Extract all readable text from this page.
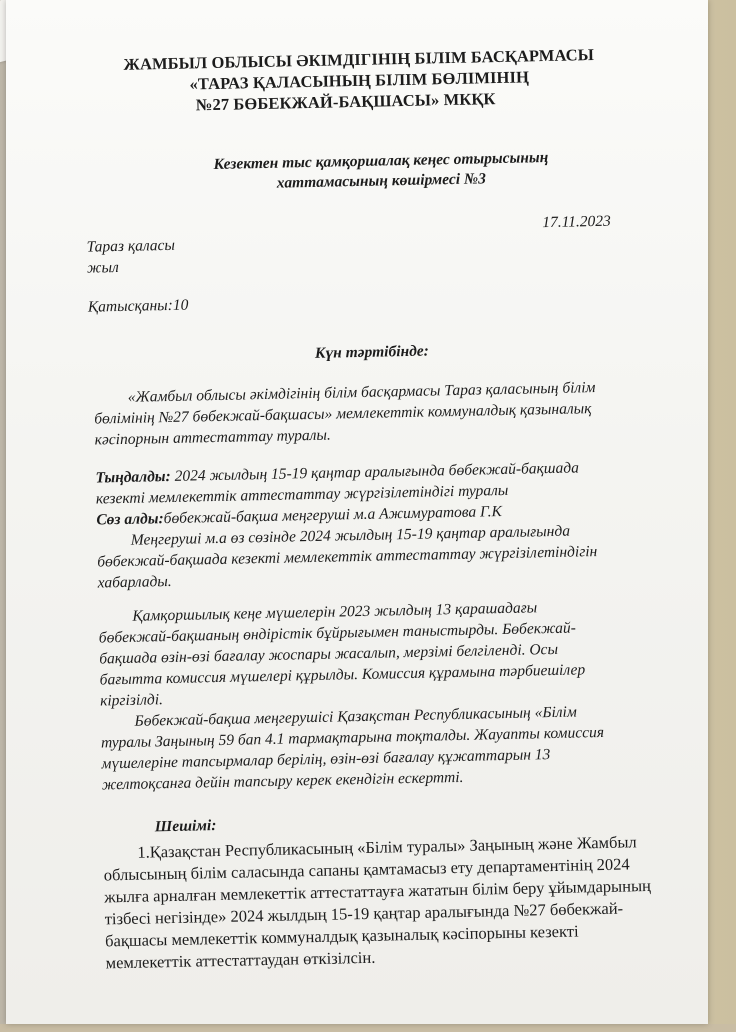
ЖАМБЫЛ ОБЛЫСЫ ӘКІМДІГІНІҢ БІЛІМ БАСҚАРМАСЫ
«ТАРАЗ ҚАЛАСЫНЫҢ БІЛІМ БӨЛІМІНІҢ
№27 БӨБЕКЖАЙ-БАҚШАСЫ» МКҚК
Кезектен тыс қамқоршалақ кеңес отырысының
хаттамасының көшірмесі №3
17.11.2023
Тараз қаласы
жыл
Қатысқаны:10
Күн тәртібінде:
«Жамбыл облысы әкімдігінің білім басқармасы Тараз қаласының білім
бөлімінің №27 бөбекжай-бақшасы» мемлекеттік коммуналдық қазыналық
кәсіпорнын аттестаттау туралы.
Тыңдалды: 2024 жылдың 15-19 қаңтар аралығында бөбекжай-бақшада
кезекті мемлекеттік аттестаттау жүргізілетіндігі туралы
Сөз алды:бөбекжай-бақша меңгеруші м.а Ажимуратова Г.К
Меңгеруші м.а өз сөзінде 2024 жылдың 15-19 қаңтар аралығында
бөбекжай-бақшада кезекті мемлекеттік аттестаттау жүргізілетіндігін
хабарлады.
Қамқоршылық кеңе мүшелерін 2023 жылдың 13 қарашадағы
бөбекжай-бақшаның өндірістік бұйрығымен таныстырды. Бөбекжай-
бақшада өзін-өзі бағалау жоспары жасалып, мерзімі белгіленді. Осы
бағытта комиссия мүшелері құрылды. Комиссия құрамына тәрбиешілер
кіргізілді.
Бөбекжай-бақша меңгерушісі Қазақстан Республикасының «Білім
туралы Заңының 59 бап 4.1 тармақтарына тоқталды. Жауапты комиссия
мүшелеріне тапсырмалар берілің, өзін-өзі бағалау құжаттарын 13
желтоқсанға дейін тапсыру керек екендігін ескертті.
Шешімі:
1.Қазақстан Республикасының «Білім туралы» Заңының және Жамбыл
облысының білім саласында сапаны қамтамасыз ету департаментінің 2024
жылға арналған мемлекеттік аттестаттауға жататын білім беру ұйымдарының
тізбесі негізінде» 2024 жылдың 15-19 қаңтар аралығында №27 бөбекжай-
бақшасы мемлекеттік коммуналдық қазыналық кәсіпорыны кезекті
мемлекеттік аттестаттаудан өткізілсін.
